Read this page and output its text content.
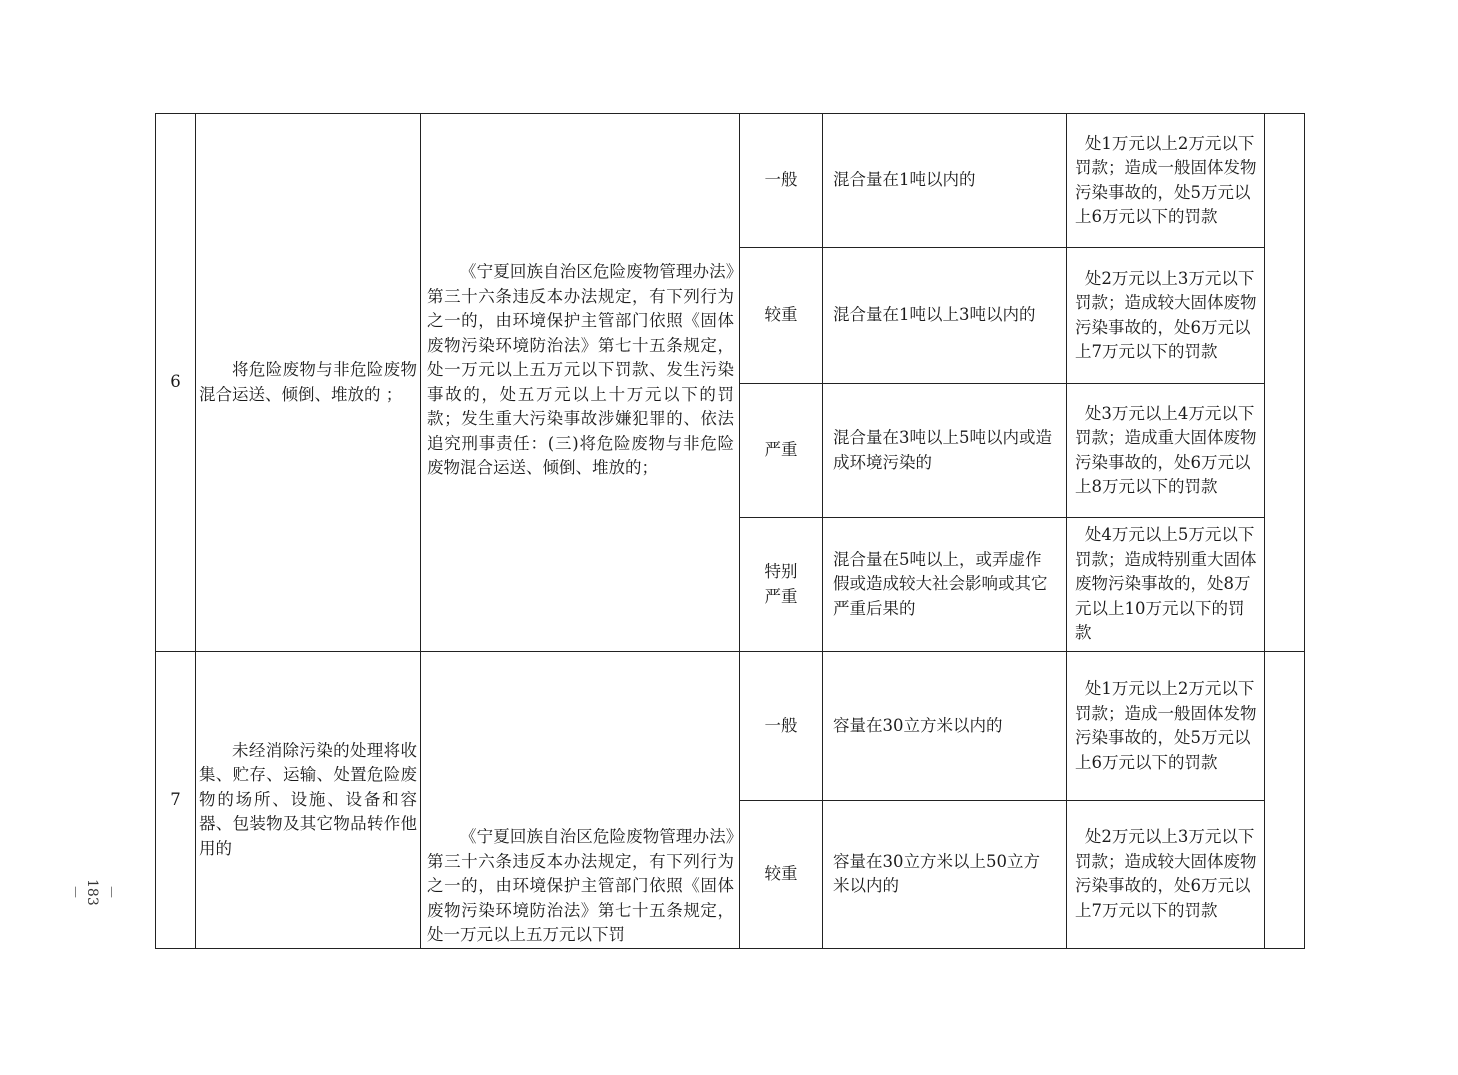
－183－
6	将危险废物与非危险废物混合运送、倾倒、堆放的 ；	《宁夏回族自治区危险废物管理办法》第三十六条违反本办法规定，有下列行为之一的，由环境保护主管部门依照《固体废物污染环境防治法》第七十五条规定，处一万元以上五万元以下罚款、发生污染事故的，处五万元以上十万元以下的罚款；发生重大污染事故涉嫌犯罪的、依法追究刑事责任：(三)将危险废物与非危险废物混合运送、倾倒、堆放的；	一般	混合量在1吨以内的	处1万元以上2万元以下罚款；造成一般固体发物污染事故的，处5万元以上6万元以下的罚款	
			较重	混合量在1吨以上3吨以内的	处2万元以上3万元以下罚款；造成较大固体废物污染事故的，处6万元以上7万元以下的罚款	
			严重	混合量在3吨以上5吨以内或造成环境污染的	处3万元以上4万元以下罚款；造成重大固体废物污染事故的，处6万元以上8万元以下的罚款	
			特别严重	混合量在5吨以上，或弄虚作假或造成较大社会影响或其它严重后果的	处4万元以上5万元以下罚款；造成特别重大固体废物污染事故的，处8万元以上10万元以下的罚款	
7	未经消除污染的处理将收集、贮存、运输、处置危险废物的场所、设施、设备和容器、包装物及其它物品转作他用的	《宁夏回族自治区危险废物管理办法》第三十六条违反本办法规定，有下列行为之一的，由环境保护主管部门依照《固体废物污染环境防治法》第七十五条规定，处一万元以上五万元以下罚	一般	容量在30立方米以内的	处1万元以上2万元以下罚款；造成一般固体发物污染事故的，处5万元以上6万元以下的罚款	
			较重	容量在30立方米以上50立方米以内的	处2万元以上3万元以下罚款；造成较大固体废物污染事故的，处6万元以上7万元以下的罚款	
